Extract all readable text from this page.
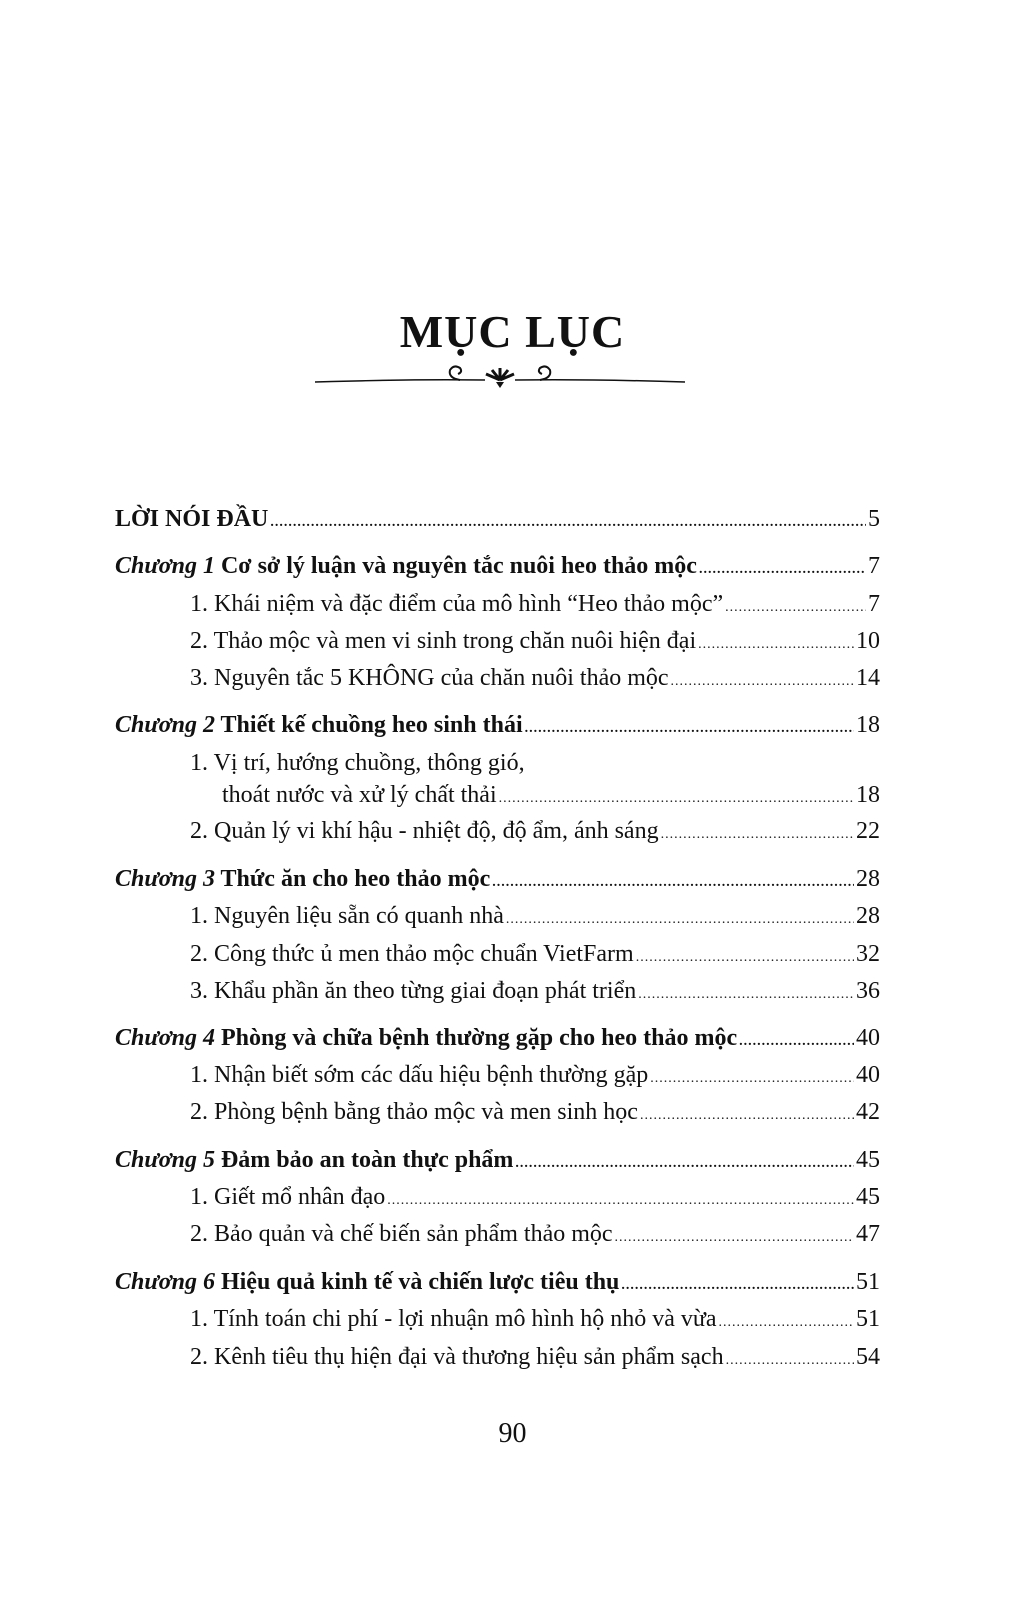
MỤC LỤC
LỜI NÓI ĐẦU .....	5
Chương 1 Cơ sở lý luận và nguyên tắc nuôi heo thảo mộc .....	7
1. Khái niệm và đặc điểm của mô hình “Heo thảo mộc” .....	7
2. Thảo mộc và men vi sinh trong chăn nuôi hiện đại .....	10
3. Nguyên tắc 5 KHÔNG của chăn nuôi thảo mộc .....	14
Chương 2 Thiết kế chuồng heo sinh thái .....	18
1. Vị trí, hướng chuồng, thông gió,
thoát nước và xử lý chất thải .....	18
2. Quản lý vi khí hậu - nhiệt độ, độ ẩm, ánh sáng .....	22
Chương 3 Thức ăn cho heo thảo mộc .....	28
1. Nguyên liệu sẵn có quanh nhà .....	28
2. Công thức ủ men thảo mộc chuẩn VietFarm .....	32
3. Khẩu phần ăn theo từng giai đoạn phát triển .....	36
Chương 4 Phòng và chữa bệnh thường gặp cho heo thảo mộc .....	40
1. Nhận biết sớm các dấu hiệu bệnh thường gặp .....	40
2. Phòng bệnh bằng thảo mộc và men sinh học .....	42
Chương 5 Đảm bảo an toàn thực phẩm .....	45
1. Giết mổ nhân đạo .....	45
2. Bảo quản và chế biến sản phẩm thảo mộc .....	47
Chương 6 Hiệu quả kinh tế và chiến lược tiêu thụ .....	51
1. Tính toán chi phí - lợi nhuận mô hình hộ nhỏ và vừa .....	51
2. Kênh tiêu thụ hiện đại và thương hiệu sản phẩm sạch .....	54
90
